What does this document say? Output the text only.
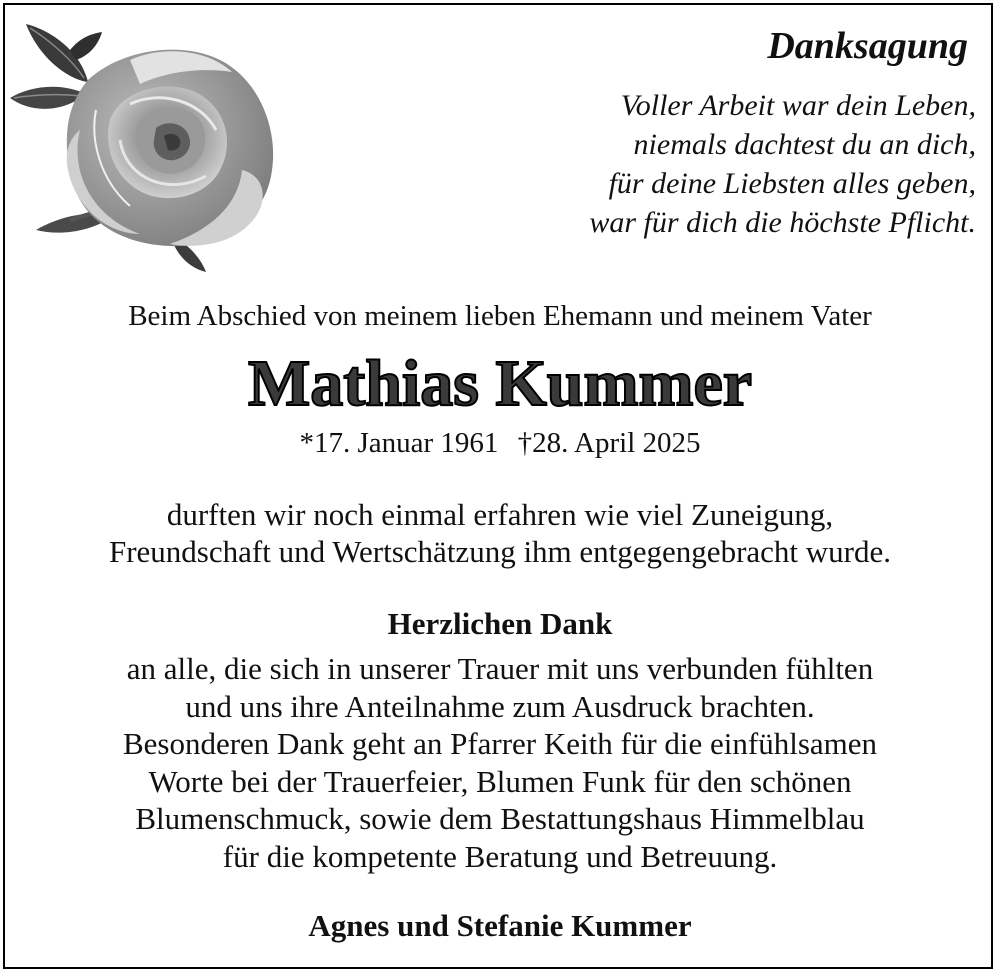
Danksagung
Voller Arbeit war dein Leben,
niemals dachtest du an dich,
für deine Liebsten alles geben,
war für dich die höchste Pflicht.

Beim Abschied von meinem lieben Ehemann und meinem Vater

Mathias Kummer

*17. Januar 1961 †28. April 2025

durften wir noch einmal erfahren wie viel Zuneigung,
Freundschaft und Wertschätzung ihm entgegengebracht wurde.
Herzlichen Dank
an alle, die sich in unserer Trauer mit uns verbunden fühlten
und uns ihre Anteilnahme zum Ausdruck brachten.
Besonderen Dank geht an Pfarrer Keith für die einfühlsamen
Worte bei der Trauerfeier, Blumen Funk für den schönen
Blumenschmuck, sowie dem Bestattungshaus Himmelblau
für die kompetente Beratung und Betreuung.

Agnes und Stefanie Kummer
